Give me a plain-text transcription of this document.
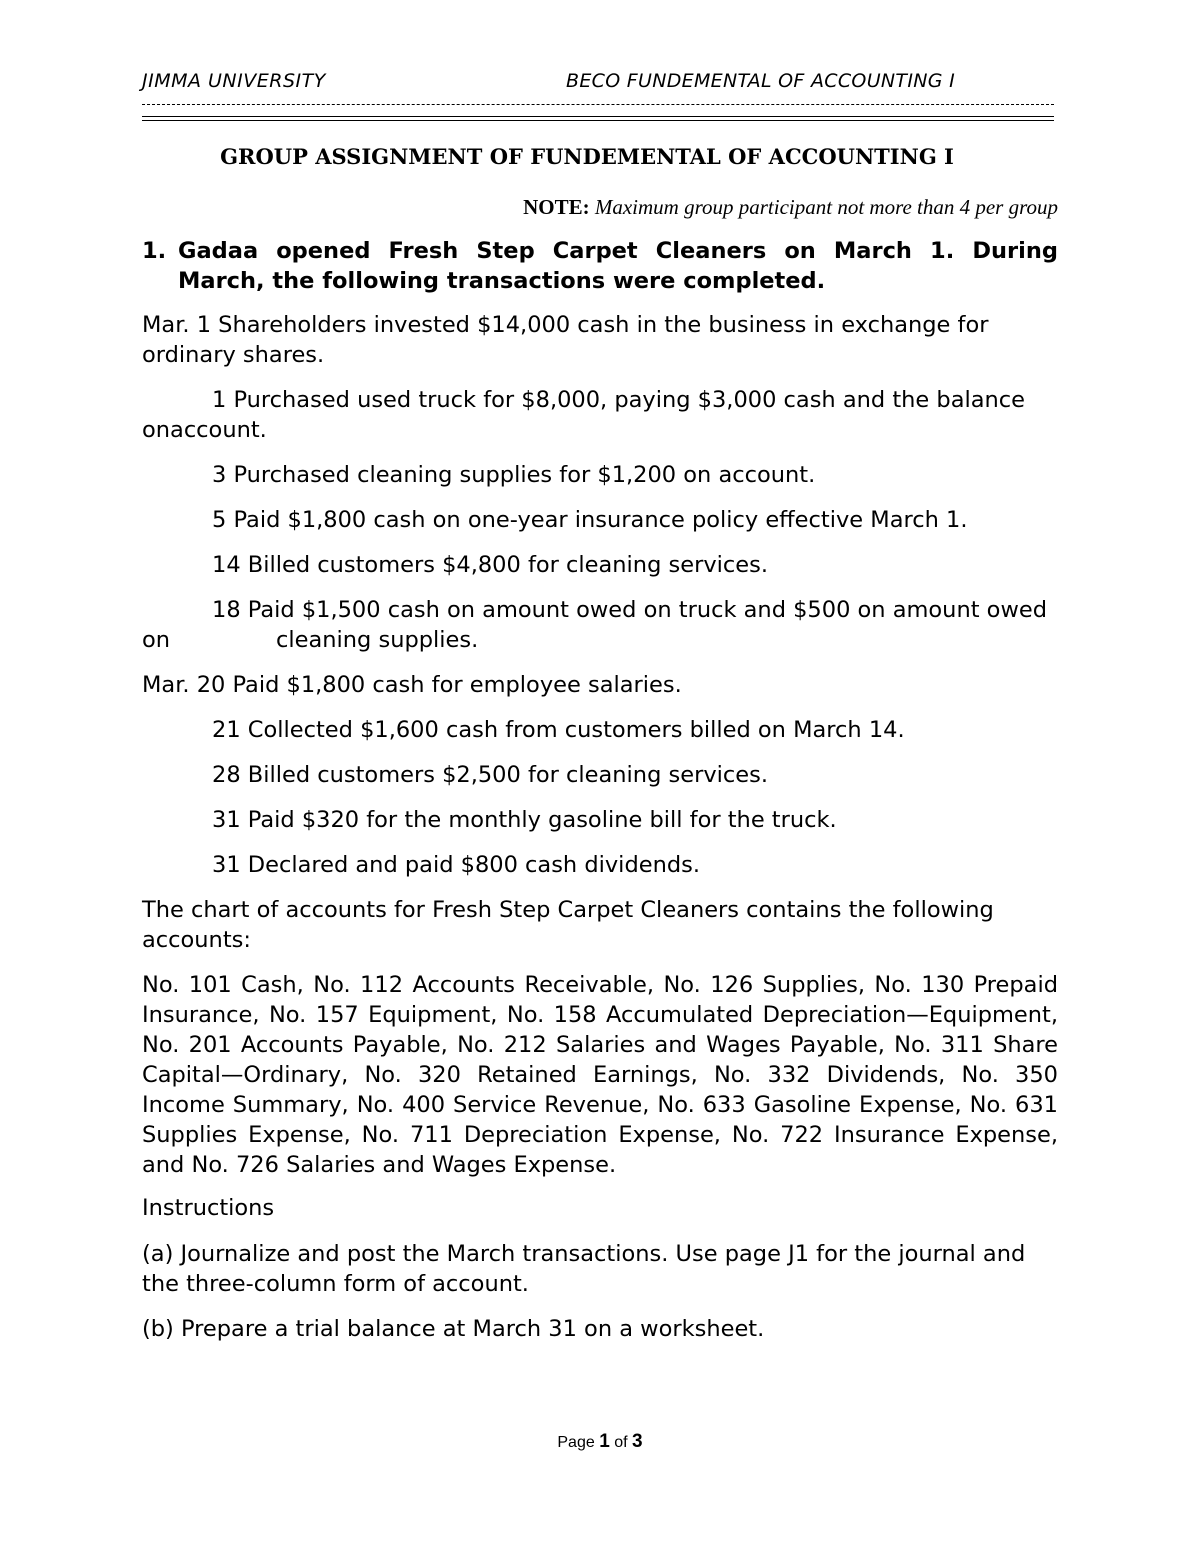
JIMMA UNIVERSITY	BECO FUNDEMENTAL OF ACCOUNTING I
GROUP ASSIGNMENT OF FUNDEMENTAL OF ACCOUNTING I
NOTE: Maximum group participant not more than 4 per group
1. Gadaa opened Fresh Step Carpet Cleaners on March 1. During March, the following transactions were completed.
Mar. 1 Shareholders invested $14,000 cash in the business in exchange for ordinary shares.
1 Purchased used truck for $8,000, paying $3,000 cash and the balance onaccount.
3 Purchased cleaning supplies for $1,200 on account.
5 Paid $1,800 cash on one-year insurance policy effective March 1.
14 Billed customers $4,800 for cleaning services.
18 Paid $1,500 cash on amount owed on truck and $500 on amount owed on	cleaning supplies.
Mar. 20 Paid $1,800 cash for employee salaries.
21 Collected $1,600 cash from customers billed on March 14.
28 Billed customers $2,500 for cleaning services.
31 Paid $320 for the monthly gasoline bill for the truck.
31 Declared and paid $800 cash dividends.
The chart of accounts for Fresh Step Carpet Cleaners contains the following accounts:
No. 101 Cash, No. 112 Accounts Receivable, No. 126 Supplies, No. 130 Prepaid Insurance, No. 157 Equipment, No. 158 Accumulated Depreciation—Equipment, No. 201 Accounts Payable, No. 212 Salaries and Wages Payable, No. 311 Share Capital—Ordinary, No. 320 Retained Earnings, No. 332 Dividends, No. 350 Income Summary, No. 400 Service Revenue, No. 633 Gasoline Expense, No. 631 Supplies Expense, No. 711 Depreciation Expense, No. 722 Insurance Expense, and No. 726 Salaries and Wages Expense.
Instructions
(a) Journalize and post the March transactions. Use page J1 for the journal and the three-column form of account.
(b) Prepare a trial balance at March 31 on a worksheet.
Page 1 of 3
